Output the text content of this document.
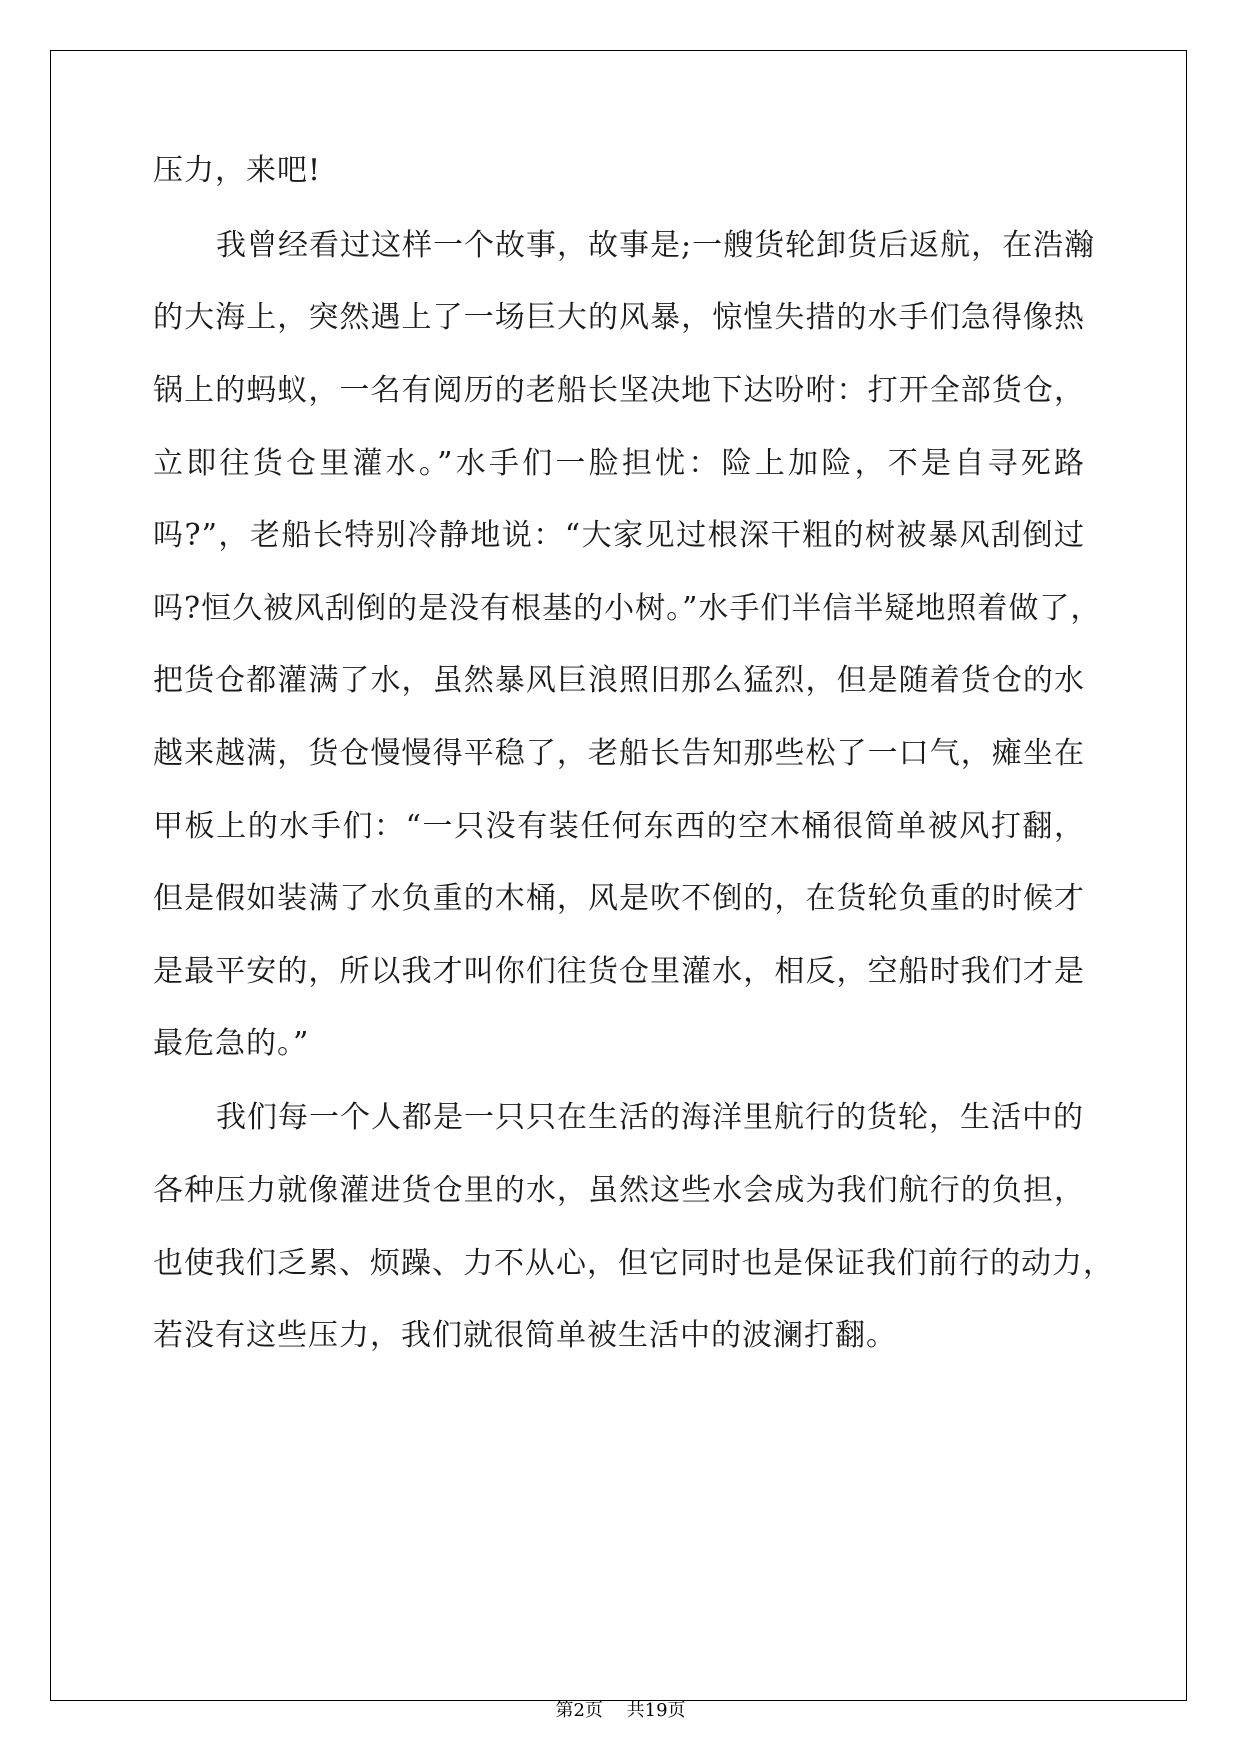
压力，来吧!
我曾经看过这样一个故事，故事是;一艘货轮卸货后返航，在浩瀚
的大海上，突然遇上了一场巨大的风暴，惊惶失措的水手们急得像热
锅上的蚂蚁，一名有阅历的老船长坚决地下达吩咐：打开全部货仓，
立即往货仓里灌水。”水手们一脸担忧：险上加险，不是自寻死路
吗?”，老船长特别冷静地说：“大家见过根深干粗的树被暴风刮倒过
吗?恒久被风刮倒的是没有根基的小树。”水手们半信半疑地照着做了，
把货仓都灌满了水，虽然暴风巨浪照旧那么猛烈，但是随着货仓的水
越来越满，货仓慢慢得平稳了，老船长告知那些松了一口气，瘫坐在
甲板上的水手们：“一只没有装任何东西的空木桶很简单被风打翻，
但是假如装满了水负重的木桶，风是吹不倒的，在货轮负重的时候才
是最平安的，所以我才叫你们往货仓里灌水，相反，空船时我们才是
最危急的。”
我们每一个人都是一只只在生活的海洋里航行的货轮，生活中的
各种压力就像灌进货仓里的水，虽然这些水会成为我们航行的负担，
也使我们乏累、烦躁、力不从心，但它同时也是保证我们前行的动力，
若没有这些压力，我们就很简单被生活中的波澜打翻。
第2页　 共19页
